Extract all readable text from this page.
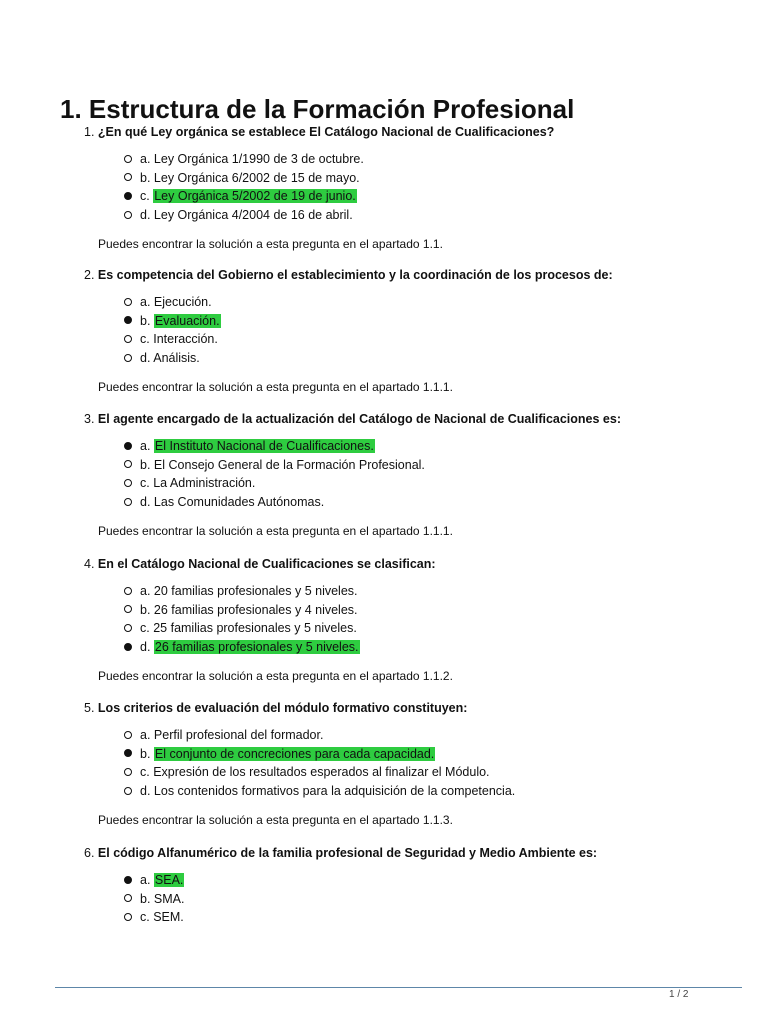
1. Estructura de la Formación Profesional

1. ¿En qué Ley orgánica se establece El Catálogo Nacional de Cualificaciones?

a. Ley Orgánica 1/1990 de 3 de octubre.
b. Ley Orgánica 6/2002 de 15 de mayo.
c. Ley Orgánica 5/2002 de 19 de junio.
d. Ley Orgánica 4/2004 de 16 de abril.

Puedes encontrar la solución a esta pregunta en el apartado 1.1.

2. Es competencia del Gobierno el establecimiento y la coordinación de los procesos de:

a. Ejecución.
b. Evaluación.
c. Interacción.
d. Análisis.

Puedes encontrar la solución a esta pregunta en el apartado 1.1.1.

3. El agente encargado de la actualización del Catálogo de Nacional de Cualificaciones es:

a. El Instituto Nacional de Cualificaciones.
b. El Consejo General de la Formación Profesional.
c. La Administración.
d. Las Comunidades Autónomas.

Puedes encontrar la solución a esta pregunta en el apartado 1.1.1.

4. En el Catálogo Nacional de Cualificaciones se clasifican:

a. 20 familias profesionales y 5 niveles.
b. 26 familias profesionales y 4 niveles.
c. 25 familias profesionales y 5 niveles.
d. 26 familias profesionales y 5 niveles.

Puedes encontrar la solución a esta pregunta en el apartado 1.1.2.

5. Los criterios de evaluación del módulo formativo constituyen:

a. Perfil profesional del formador.
b. El conjunto de concreciones para cada capacidad.
c. Expresión de los resultados esperados al finalizar el Módulo.
d. Los contenidos formativos para la adquisición de la competencia.

Puedes encontrar la solución a esta pregunta en el apartado 1.1.3.

6. El código Alfanumérico de la familia profesional de Seguridad y Medio Ambiente es:

a. SEA.
b. SMA.
c. SEM.
1 / 2
